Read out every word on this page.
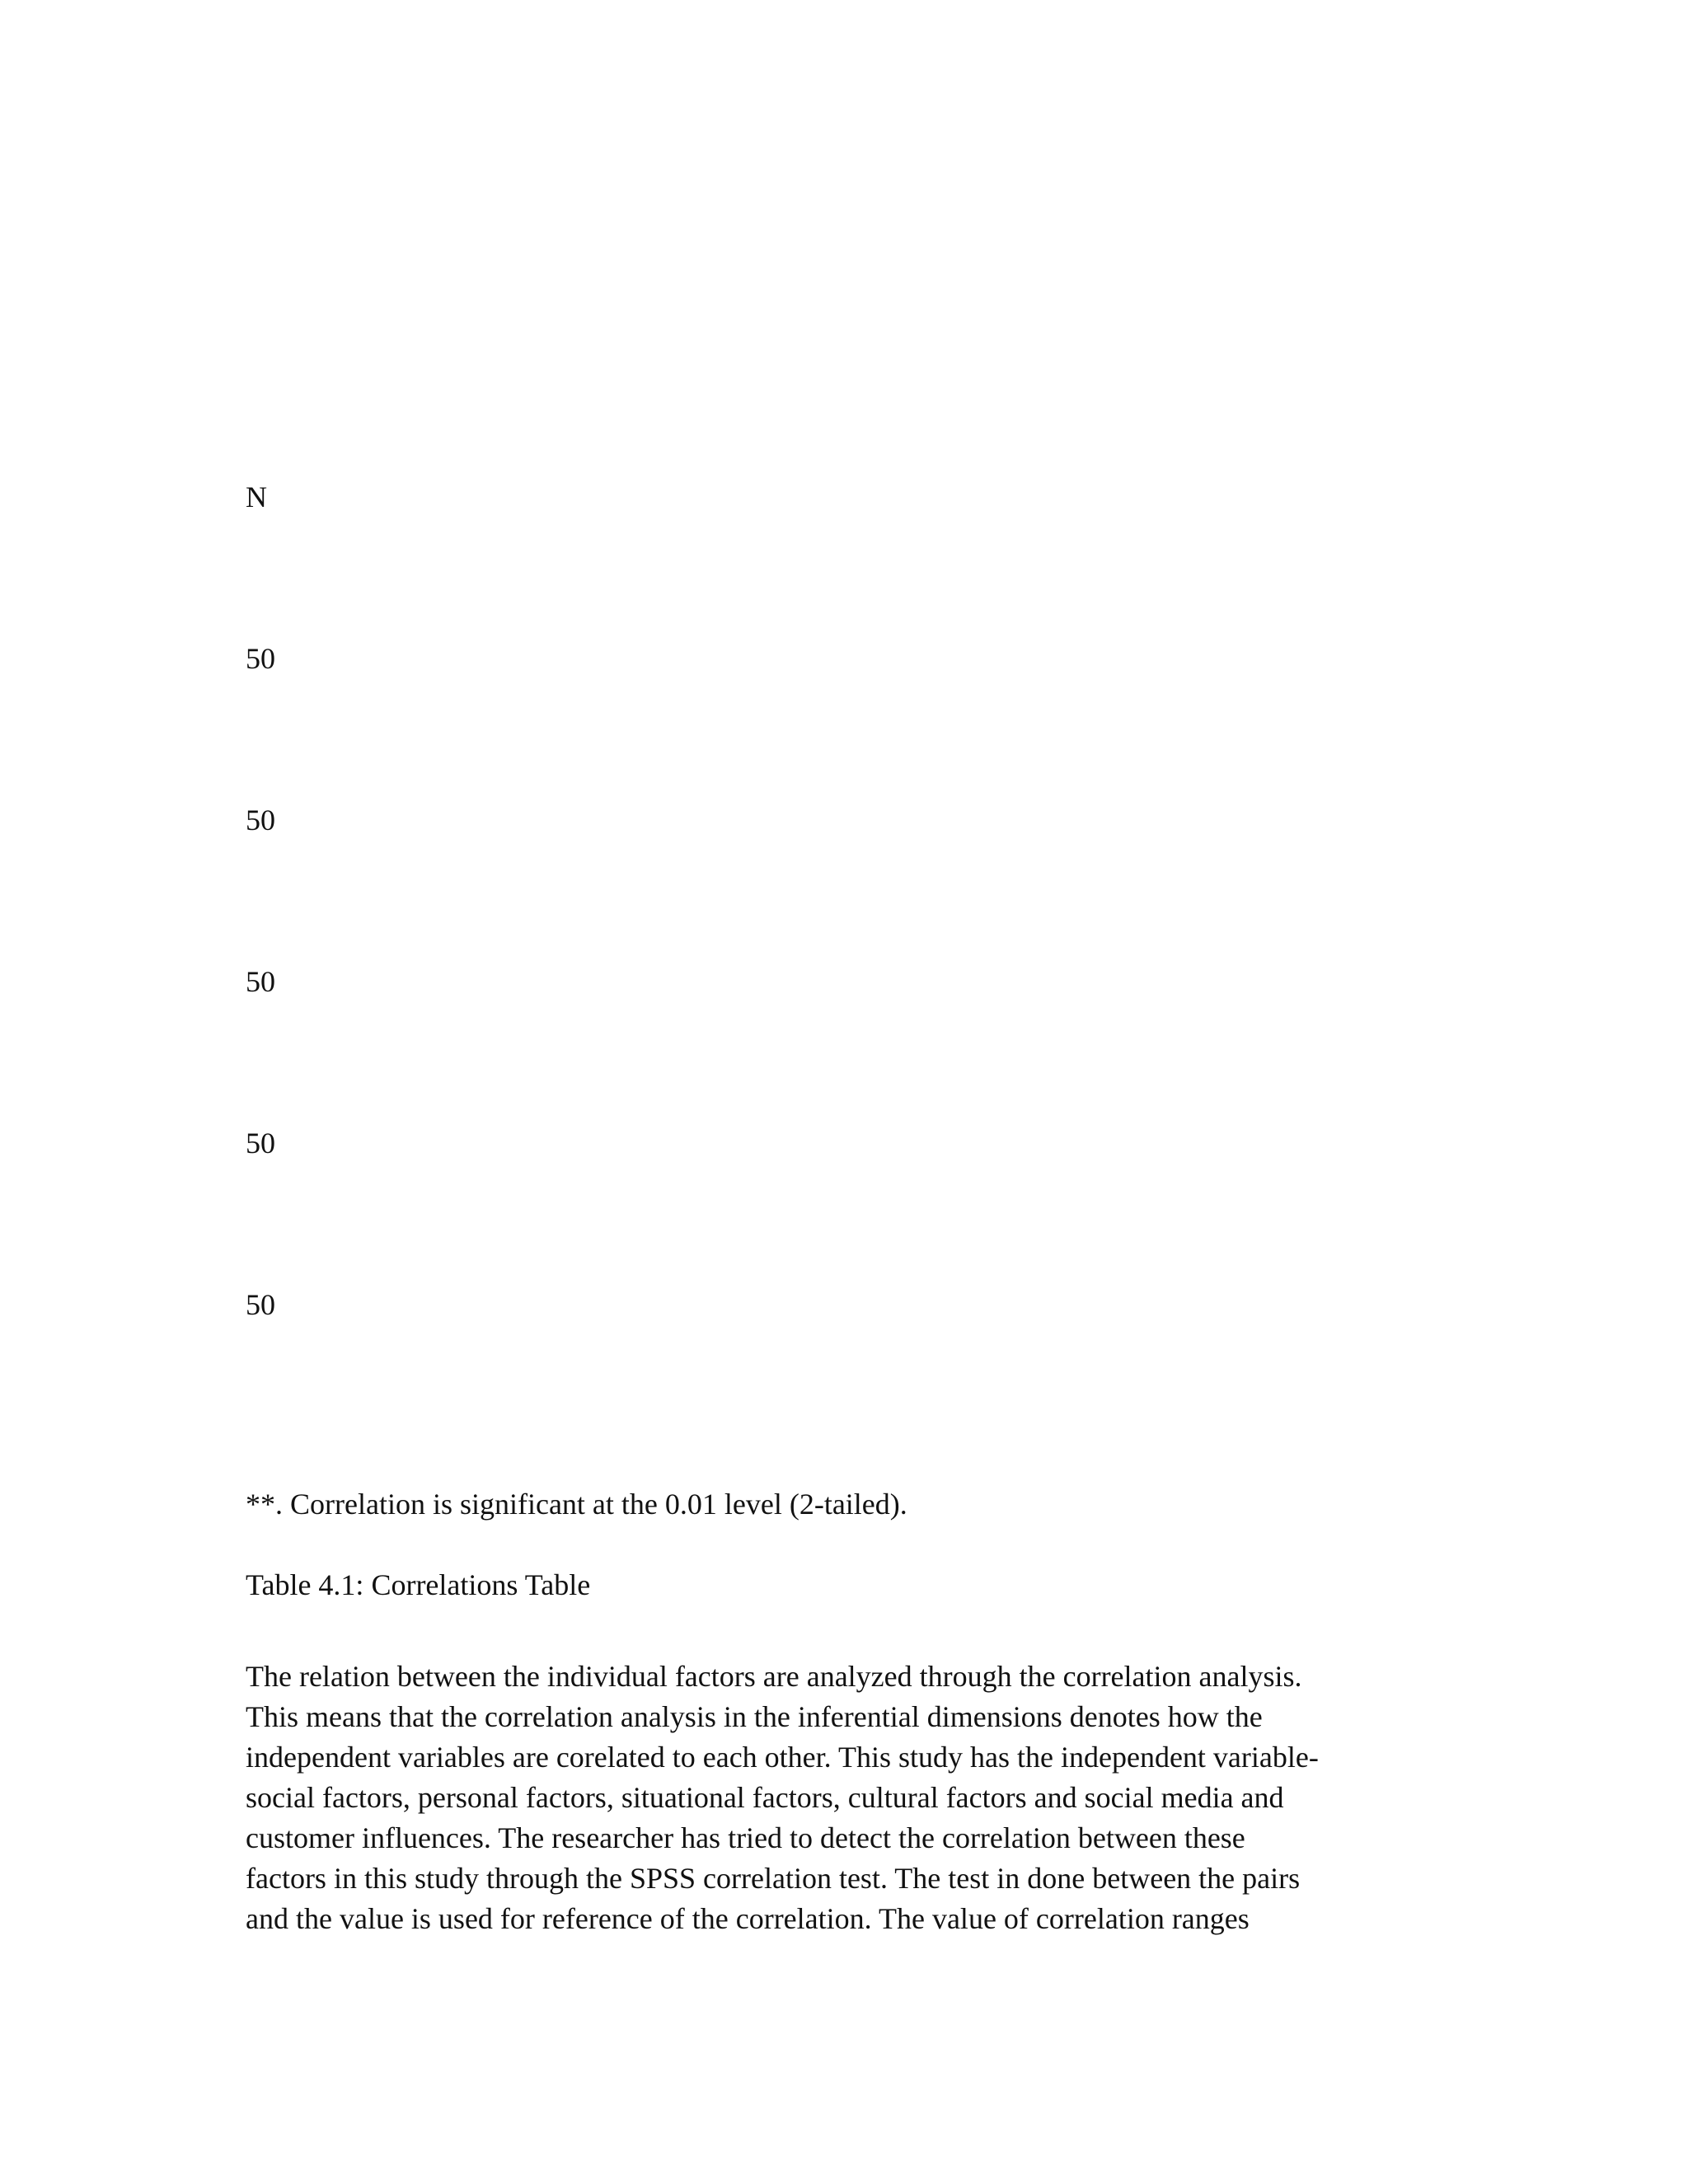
N
50
50
50
50
50
**. Correlation is significant at the 0.01 level (2-tailed).
Table 4.1: Correlations Table
The relation between the individual factors are analyzed through the correlation analysis.
This means that the correlation analysis in the inferential dimensions denotes how the
independent variables are corelated to each other. This study has the independent variable-
social factors, personal factors, situational factors, cultural factors and social media and
customer influences. The researcher has tried to detect the correlation between these
factors in this study through the SPSS correlation test. The test in done between the pairs
and the value is used for reference of the correlation. The value of correlation ranges
